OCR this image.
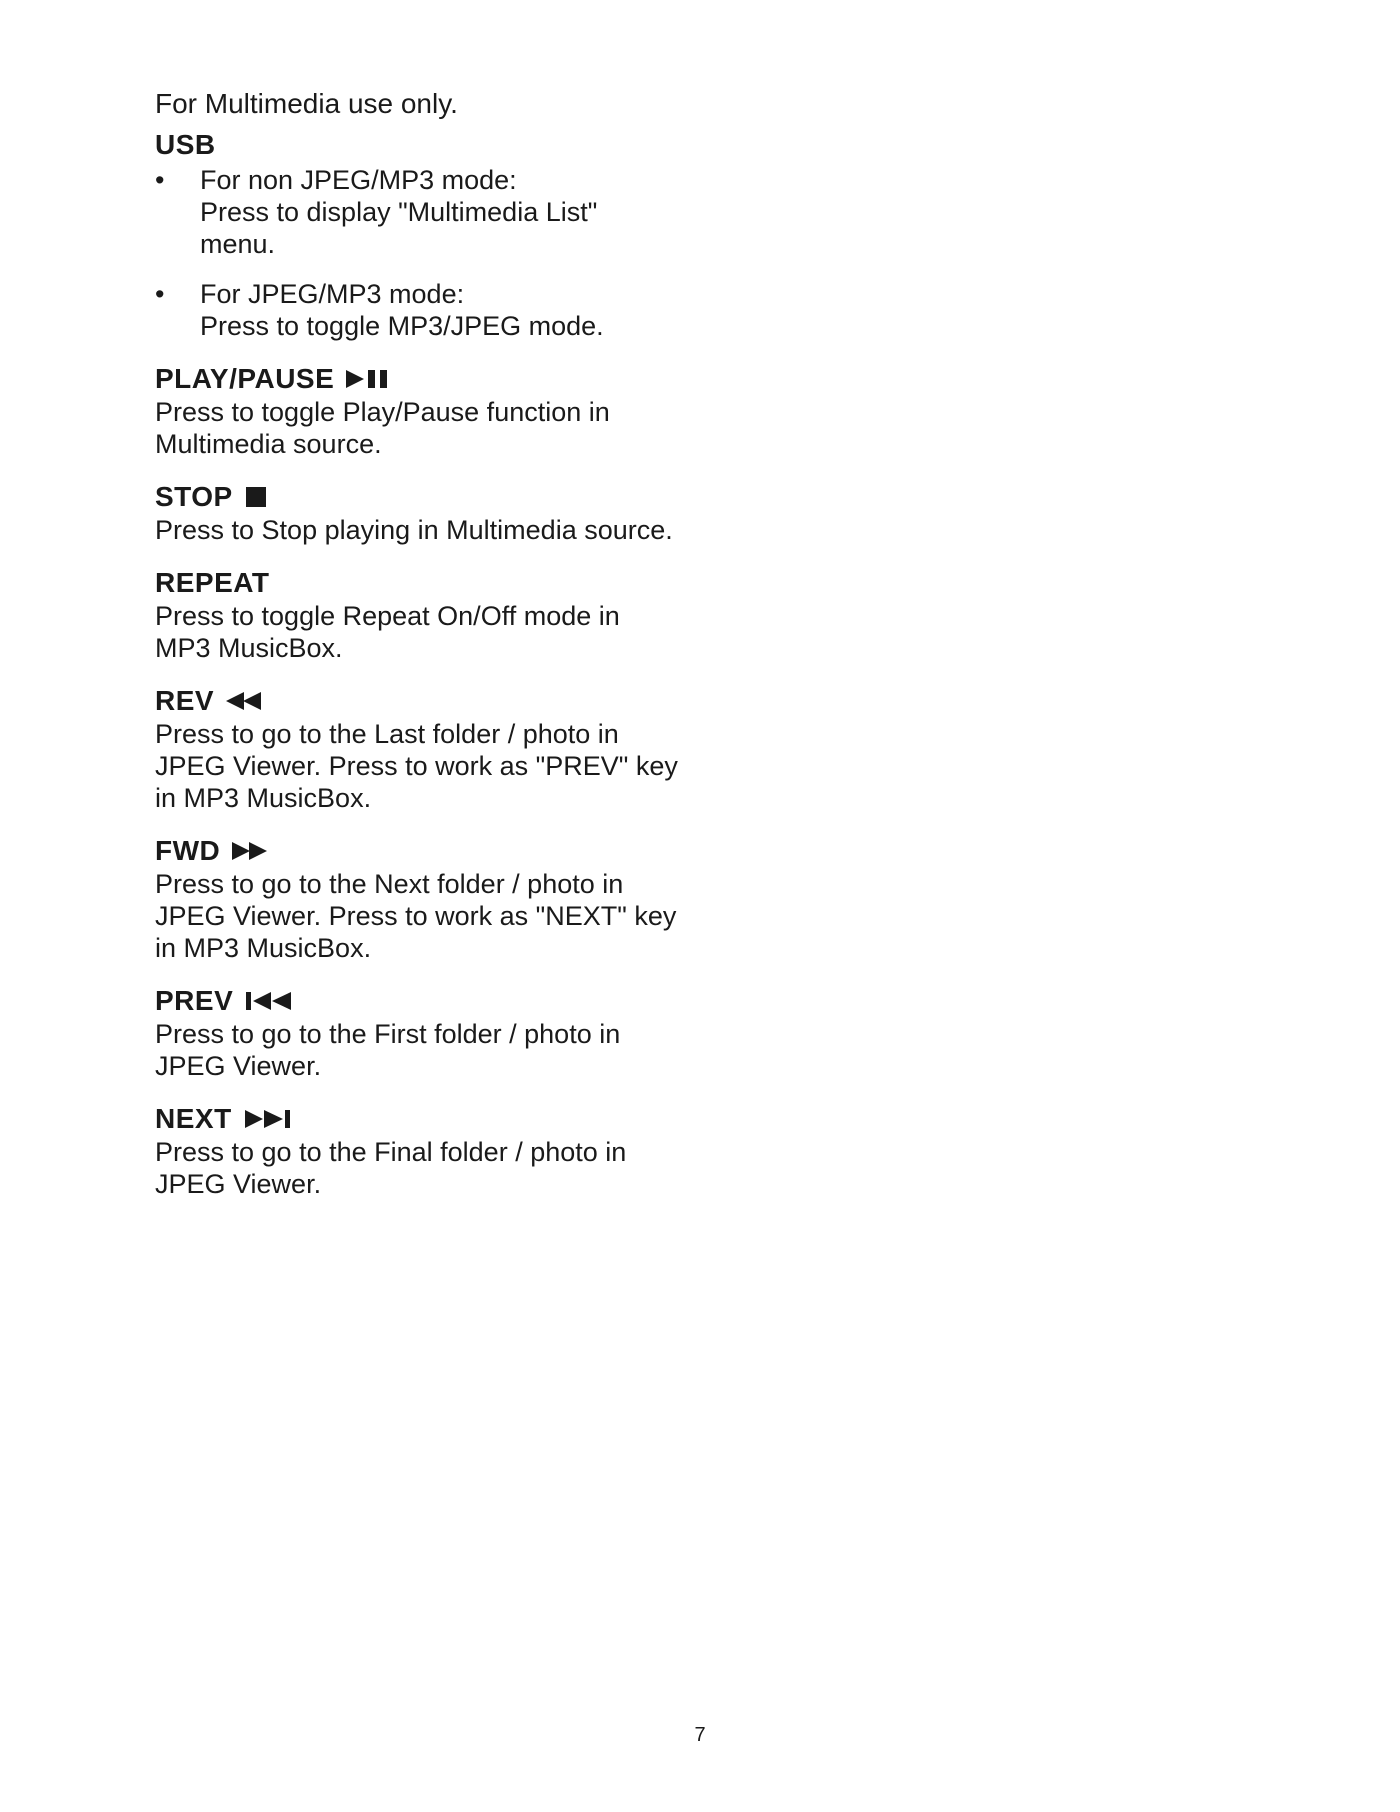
For Multimedia use only.

USB
•	For non JPEG/MP3 mode:
Press to display "Multimedia List"
menu.
•	For JPEG/MP3 mode:
Press to toggle MP3/JPEG mode.
PLAY/PAUSE

Press to toggle Play/Pause function in
Multimedia source.

STOP

Press to Stop playing in Multimedia source.

REPEAT

Press to toggle Repeat On/Off mode in
MP3 MusicBox.

REV

Press to go to the Last folder / photo in
JPEG Viewer. Press to work as "PREV" key
in MP3 MusicBox.

FWD

Press to go to the Next folder / photo in
JPEG Viewer. Press to work as "NEXT" key
in MP3 MusicBox.

PREV

Press to go to the First folder / photo in
JPEG Viewer.

NEXT

Press to go to the Final folder / photo in
JPEG Viewer.

7
